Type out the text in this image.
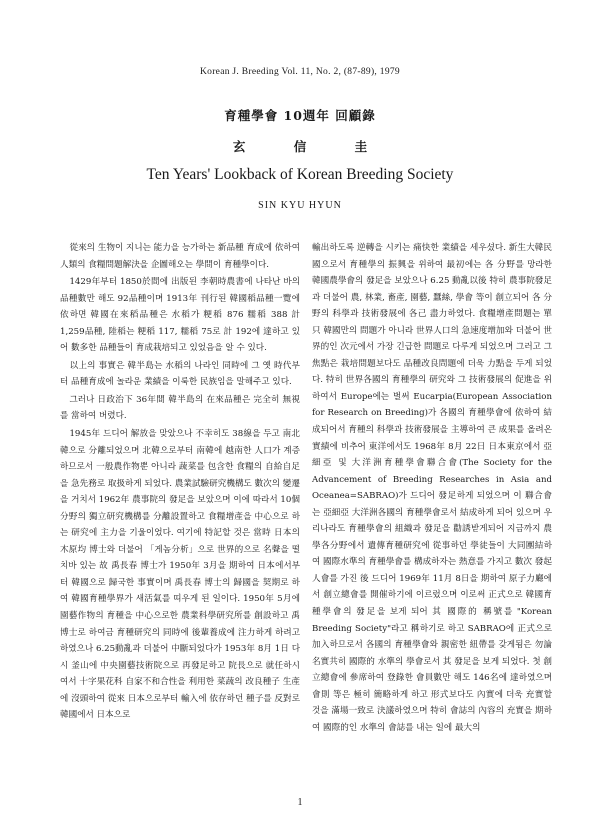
Korean J. Breeding Vol. 11, No. 2, (87-89), 1979
育種學會 10週年 回顧錄
玄 信 圭
Ten Years' Lookback of Korean Breeding Society
SIN KYU HYUN

從來의 生物이 지니는 能力을 능가하는 新品種 育成에 依하여 人類의 食糧問題解決을 企圖해오는 學問이 育種學이다.

1429年부터 1850於間에 出版된 李朝時農書에 나타난 바의 品種數만 해도 92品種이며 1913年 刊行된 韓國稻品種一覽에 依하면 韓國在來稻品種은 水稻가 粳稻 876 糯稻 388 計 1,259品種, 陸稻는 粳稻 117, 糯稻 75로 計 192에 達하고 있어 數多한 品種들이 育成栽培되고 있었음을 알 수 있다.

以上의 事實은 韓半島는 水稻의 나라인 同時에 그 옛 時代부터 品種育成에 놀라운 業績을 이룩한 民族임을 말해주고 있다.

그러나 日政治下 36年間 韓半島의 在來品種은 完全히 無視를 當하여 버렸다.

1945年 드디어 解放을 맞았으나 不幸히도 38線을 두고 南北韓으로 分離되었으며 北韓으로부터 南韓에 越南한 人口가 계증하므로서 一般農作物뿐 아니라 蔬菜를 包含한 食糧의 自給自足을 急先務로 取扱하게 되었다. 農業試驗研究機構도 數次의 變遷을 거치서 1962年 農事院의 發足을 보았으며 이에 따라서 10個 分野의 獨立研究機構를 分離設置하고 食糧增產을 中心으로 하는 研究에 主力을 기울이었다. 여기에 特記할 것은 當時 日本의 木原均 博士와 더불어 「게놈分析」으로 世界的으로 名聲을 떨치바 있는 故 禹長春 博士가 1950年 3月을 期하여 日本에서부터 韓國으로 歸국한 事實이며 禹長春 博士의 歸國을 契期로 하여 韓國育種學界가 새活氣를 띠우게 된 일이다. 1950年 5月에 園藝作物의 育種을 中心으로한 農業科學研究所를 創設하고 禹博士로 하여금 育種研究의 同時에 後輩養成에 注力하게 하려고 하였으나 6.25動亂과 더불어 中斷되었다가 1953年 8月 1日 다시 釜山에 中央園藝技術院으로 再發足하고 院長으로 就任하시여서 十字果花科 自家不和合性을 利用한 菜蔬의 改良種子 生產에 沒頭하여 從來 日本으로부터 輸入에 依存하던 種子를 反對로 韓國에서 日本으로

輸出하도록 逆轉을 시키는 痛快한 業績을 세우셨다. 新生大韓民國으로서 育種學의 振興을 위하여 最初에는 各 分野를 망라한 韓國農學會의 發足을 보았으나 6.25 動亂以後 特히 農事院發足과 더불어 農, 林業, 畜產, 園藝, 蠶絲, 學會 等이 創立되어 各 分野의 科學과 技術發展에 各己 盡力하였다. 食糧增產問題는 單只 韓國만의 問題가 아니라 世界人口의 急速度增加와 더불어 世界的인 次元에서 가장 긴급한 問題로 다루게 되었으며 그러고 그 焦點은 栽培問題보다도 品種改良問題에 더욱 力點을 두게 되었다. 特히 世界各國의 育種學의 研究와 그 技術發展의 促進을 위하여서 Europe에는 벌써 Eucarpia(European Association for Research on Breeding)가 各國의 育種學會에 依하여 結成되어서 育種의 科學과 技術發展을 主導하여 큰 成果를 올려온 實績에 비추어 東洋에서도 1968年 8月 22日 日本東京에서 亞細亞 및 大洋洲育種學會聯合會(The Society for the Advancement of Breeding Researches in Asia and Oceanea=SABRAO)가 드디어 發足하게 되었으며 이 聯合會는 亞細亞 大洋洲各國의 育種學會로서 結成하게 되어 있으며 우리나라도 育種學會의 組織과 發足을 勸誘받게되어 지금까지 農學各分野에서 遺傳育種研究에 從事하던 學徒들이 大同團結하여 國際水準의 育種學會를 構成하자는 熱意를 가지고 數次 發起人會를 가진 後 드디어 1969年 11月 8日을 期하여 原子力廳에서 創立總會를 開催하기에 이르렀으며 이로써 正式으로 韓國育種學會의 發足을 보게 되어 其 國際的 稱號를 "Korean Breeding Society"라고 稱하기로 하고 SABRAO에 正式으로 加入하므로서 各國의 育種學會와 親密한 紐帶를 갖게됨은 勿論 名實共히 國際的 水準의 學會로서 其 發足을 보게 되었다. 첫 創立總會에 參席하여 登錄한 會員數만 해도 146名에 達하였으며 會則 等은 極히 簡略하게 하고 形式보다도 內實에 더욱 充實할 것을 滿場一致로 決議하였으며 特히 會誌의 內容의 充實을 期하여 國際的인 水準의 會誌를 내는 일에 最大의

1
